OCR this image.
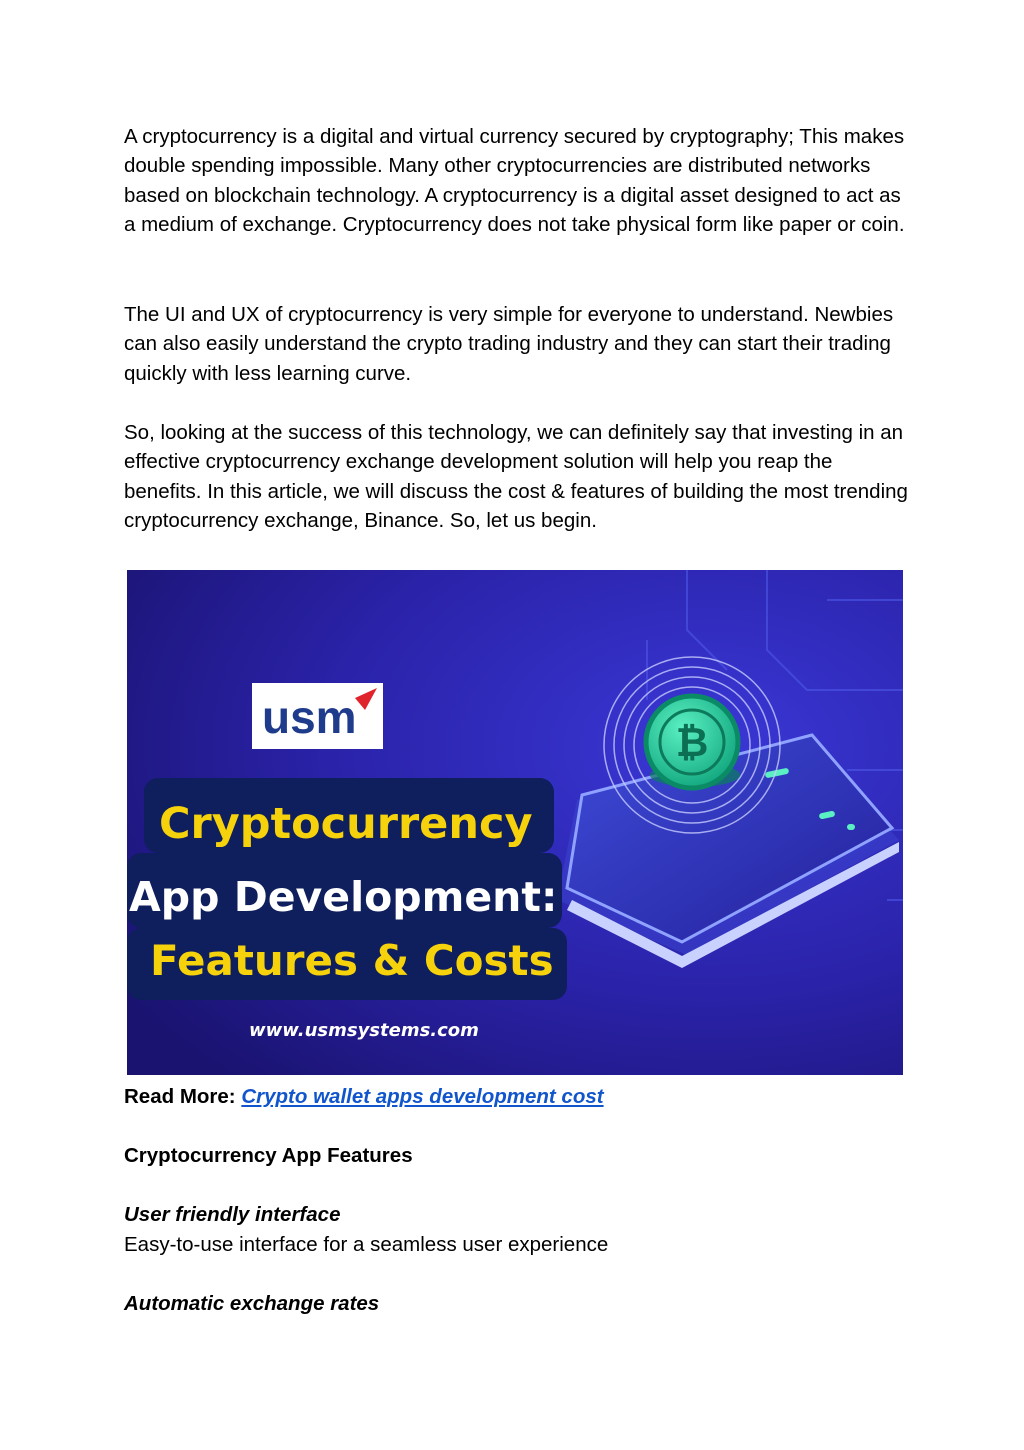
A cryptocurrency is a digital and virtual currency secured by cryptography; This makes double spending impossible. Many other cryptocurrencies are distributed networks based on blockchain technology. A cryptocurrency is a digital asset designed to act as a medium of exchange. Cryptocurrency does not take physical form like paper or coin.

The UI and UX of cryptocurrency is very simple for everyone to understand. Newbies can also easily understand the crypto trading industry and they can start their trading quickly with less learning curve.

So, looking at the success of this technology, we can definitely say that investing in an effective cryptocurrency exchange development solution will help you reap the benefits. In this article, we will discuss the cost & features of building the most trending cryptocurrency exchange, Binance. So, let us begin.

₿
usm
Cryptocurrency
App Development:
Features & Costs
www.usmsystems.com

Read More: Crypto wallet apps development cost

Cryptocurrency App Features

User friendly interface

Easy-to-use interface for a seamless user experience

Automatic exchange rates
